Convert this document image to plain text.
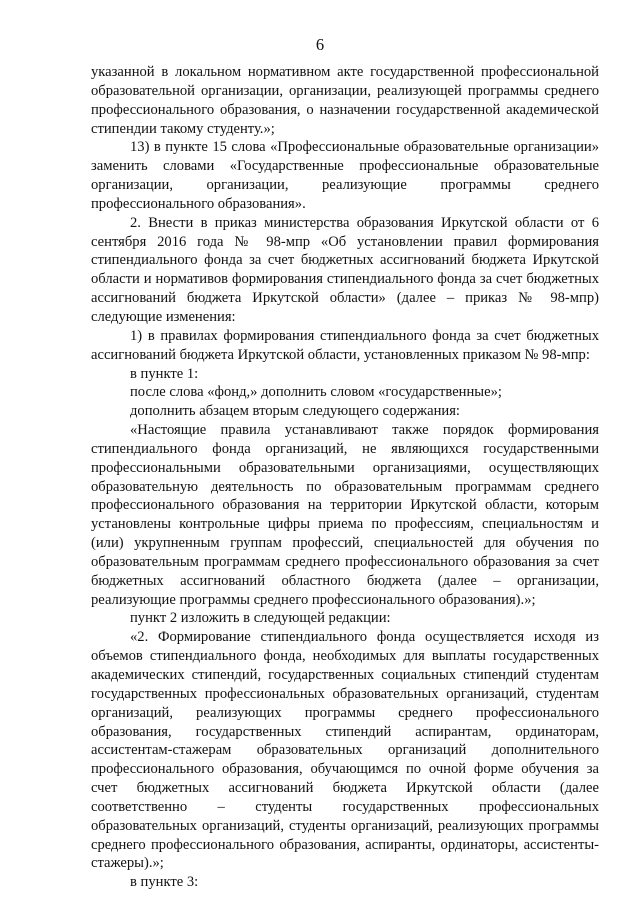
6

указанной в локальном нормативном акте государственной профессиональной образовательной организации, организации, реализующей программы среднего профессионального образования, о назначении государственной академической стипендии такому студенту.»;

13) в пункте 15 слова «Профессиональные образовательные организации» заменить словами «Государственные профессиональные образовательные организации, организации, реализующие программы среднего профессионального образования».

2. Внести в приказ министерства образования Иркутской области от 6 сентября 2016 года № 98-мпр «Об установлении правил формирования стипендиального фонда за счет бюджетных ассигнований бюджета Иркутской области и нормативов формирования стипендиального фонда за счет бюджетных ассигнований бюджета Иркутской области» (далее – приказ № 98-мпр) следующие изменения:

1) в правилах формирования стипендиального фонда за счет бюджетных ассигнований бюджета Иркутской области, установленных приказом № 98-мпр:

в пункте 1:

после слова «фонд,» дополнить словом «государственные»;

дополнить абзацем вторым следующего содержания:

«Настоящие правила устанавливают также порядок формирования стипендиального фонда организаций, не являющихся государственными профессиональными образовательными организациями, осуществляющих образовательную деятельность по образовательным программам среднего профессионального образования на территории Иркутской области, которым установлены контрольные цифры приема по профессиям, специальностям и (или) укрупненным группам профессий, специальностей для обучения по образовательным программам среднего профессионального образования за счет бюджетных ассигнований областного бюджета (далее – организации, реализующие программы среднего профессионального образования).»;

пункт 2 изложить в следующей редакции:

«2. Формирование стипендиального фонда осуществляется исходя из объемов стипендиального фонда, необходимых для выплаты государственных академических стипендий, государственных социальных стипендий студентам государственных профессиональных образовательных организаций, студентам организаций, реализующих программы среднего профессионального образования, государственных стипендий аспирантам, ординаторам, ассистентам-стажерам образовательных организаций дополнительного профессионального образования, обучающимся по очной форме обучения за счет бюджетных ассигнований бюджета Иркутской области (далее соответственно – студенты государственных профессиональных образовательных организаций, студенты организаций, реализующих программы среднего профессионального образования, аспиранты, ординаторы, ассистенты-стажеры).»;

в пункте 3:
